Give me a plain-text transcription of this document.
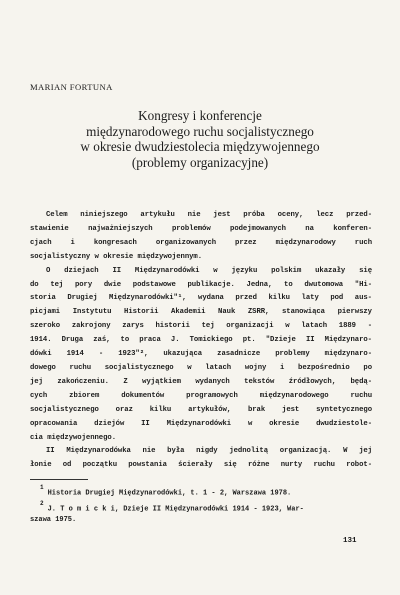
MARIAN FORTUNA
Kongresy i konferencje
międzynarodowego ruchu socjalistycznego
w okresie dwudziestolecia międzywojennego
(problemy organizacyjne)
Celem niniejszego artykułu nie jest próba oceny, lecz przed-
stawienie najważniejszych problemów podejmowanych na konferen-
cjach i kongresach organizowanych przez międzynarodowy ruch
socjalistyczny w okresie międzywojennym.
O dziejach II Międzynarodówki w języku polskim ukazały się
do tej pory dwie podstawowe publikacje. Jedna, to dwutomowa "Hi-
storia Drugiej Międzynarodówki"¹, wydana przed kilku laty pod aus-
picjami Instytutu Historii Akademii Nauk ZSRR, stanowiąca pierwszy
szeroko zakrojony zarys historii tej organizacji w latach 1889 -
1914. Druga zaś, to praca J. Tomickiego pt. "Dzieje II Międzynaro-
dówki 1914 - 1923"², ukazująca zasadnicze problemy międzynaro-
dowego ruchu socjalistycznego w latach wojny i bezpośrednio po
jej zakończeniu. Z wyjątkiem wydanych tekstów źródłowych, będą-
cych zbiorem dokumentów programowych międzynarodowego ruchu
socjalistycznego oraz kilku artykułów, brak jest syntetycznego
opracowania dziejów II Międzynarodówki w okresie dwudziestole-
cia międzywojennego.
II Międzynarodówka nie była nigdy jednolitą organizacją. W jej
łonie od początku powstania ścierały się różne nurty ruchu robot-
$^1$Historia Drugiej Międzynarodówki, t. 1 - 2, Warszawa 1978.
$^2$J. T o m i c k i, Dzieje II Międzynarodówki 1914 - 1923, War-
szawa 1975.
131
